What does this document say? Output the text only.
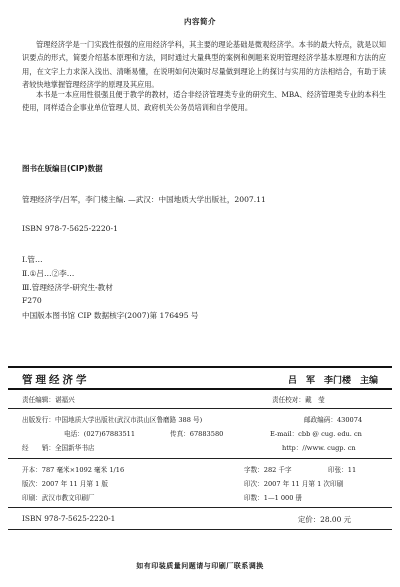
内容简介
管理经济学是一门实践性很强的应用经济学科，其主要的理论基础是微观经济学。本书的最大特点，就是以知识要点的形式，简要介绍基本原理和方法，同时通过大量典型的案例和例题来说明管理经济学基本原理和方法的应用，在文字上力求深入浅出、清晰易懂，在说明如何决策时尽量做到理论上的探讨与实用的方法相结合，有助于读者较快地掌握管理经济学的原理及其应用。
本书是一本应用性很强且便于教学的教材，适合非经济管理类专业的研究生、MBA、经济管理类专业的本科生使用，同样适合企事业单位管理人员、政府机关公务员培训和自学使用。
图书在版编目(CIP)数据
管理经济学/吕军，李门楼主编. —武汉：中国地质大学出版社，2007.11
ISBN 978-7-5625-2220-1
Ⅰ.管…
Ⅱ.①吕…②李…
Ⅲ.管理经济学-研究生-教材
F270
中国版本图书馆 CIP 数据核字(2007)第 176495 号
管理经济学	吕　军　李门楼　主编
责任编辑：谌福兴	责任校对：戴　莹
出版发行：中国地质大学出版社(武汉市洪山区鲁磨路 388 号)	邮政编码：430074
电话：(027)67883511	传真：67883580	E-mail：cbb @ cug. edu. cn
经　　销：全国新华书店	http：//www. cugp. cn
开本：787 毫米×1092 毫米 1/16	字数：282 千字	印张：11
版次：2007 年 11 月第 1 版	印次：2007 年 11 月第 1 次印刷
印刷：武汉市教文印刷厂	印数：1—1 000 册
ISBN 978-7-5625-2220-1	定价：28.00 元
如有印装质量问题请与印刷厂联系调换
